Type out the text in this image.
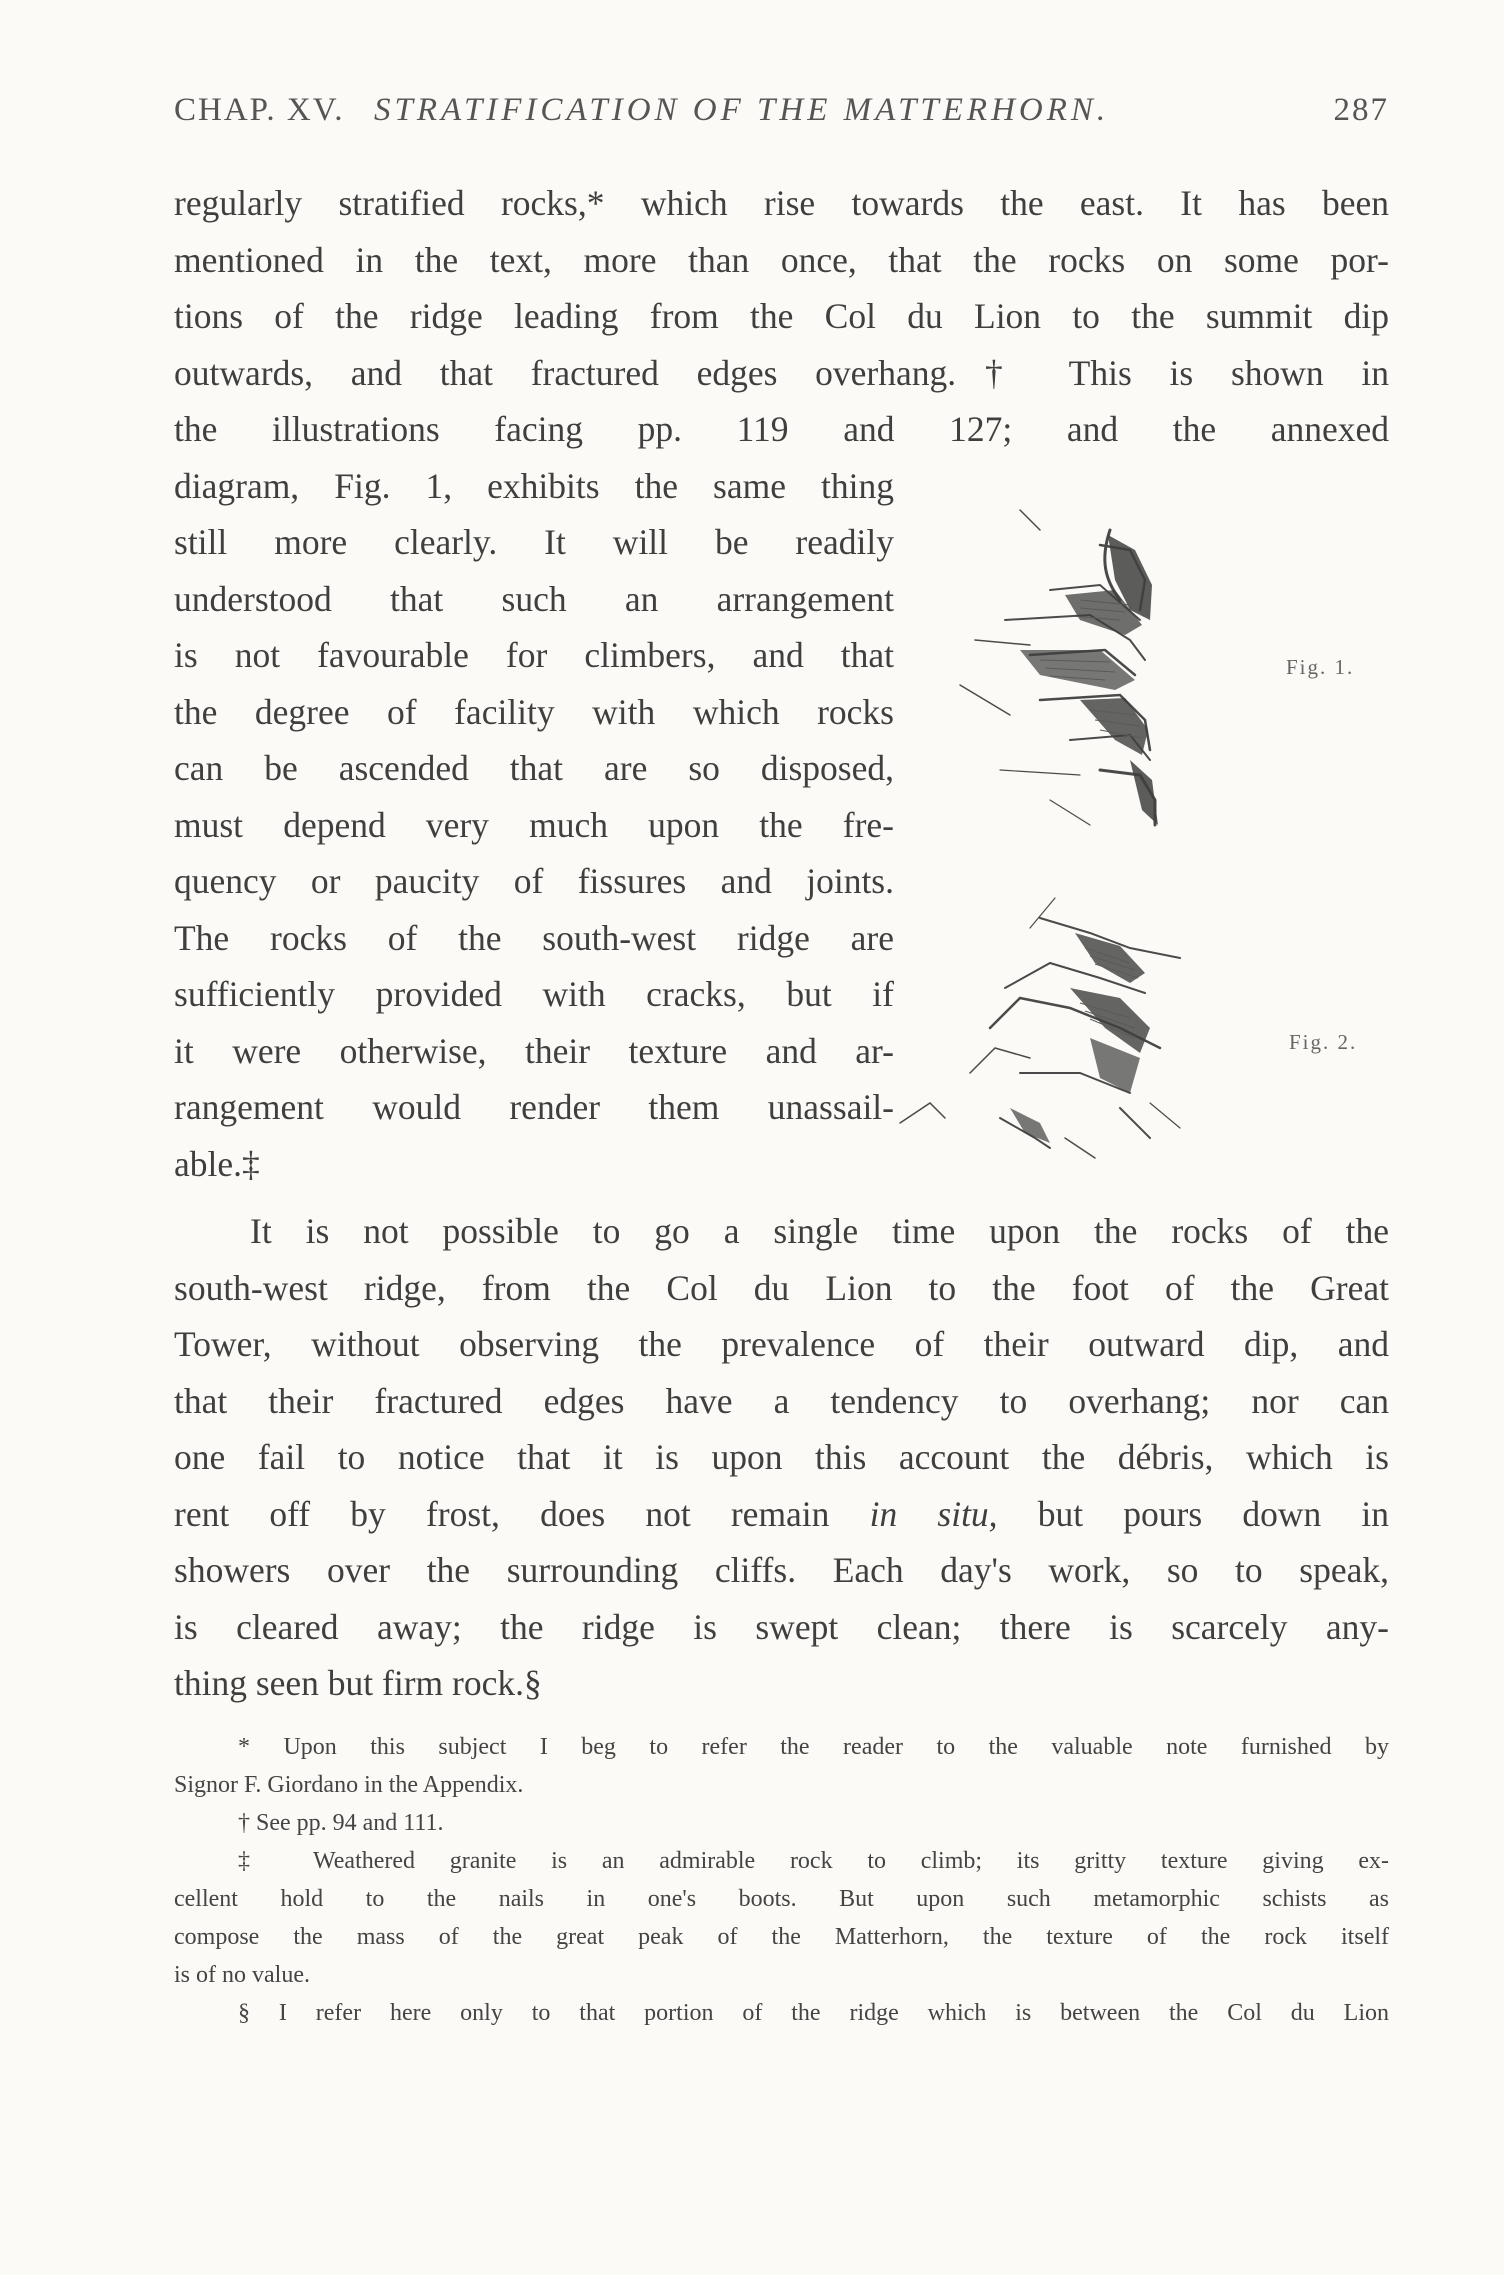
CHAP. XV. STRATIFICATION OF THE MATTERHORN.	287
regularly stratified rocks,* which rise towards the east. It has been
mentioned in the text, more than once, that the rocks on some por-
tions of the ridge leading from the Col du Lion to the summit dip
outwards, and that fractured edges overhang.† This is shown in
the illustrations facing pp. 119 and 127; and the annexed
diagram, Fig. 1, exhibits the same thing
still more clearly. It will be readily
understood that such an arrangement
is not favourable for climbers, and that
the degree of facility with which rocks
can be ascended that are so disposed,
must depend very much upon the fre-
quency or paucity of fissures and joints.
The rocks of the south-west ridge are
sufficiently provided with cracks, but if
it were otherwise, their texture and ar-
rangement would render them unassail-
able.‡
Fig. 1.
Fig. 2.
It is not possible to go a single time upon the rocks of the
south-west ridge, from the Col du Lion to the foot of the Great
Tower, without observing the prevalence of their outward dip, and
that their fractured edges have a tendency to overhang; nor can
one fail to notice that it is upon this account the débris, which is
rent off by frost, does not remain in situ, but pours down in
showers over the surrounding cliffs. Each day's work, so to speak,
is cleared away; the ridge is swept clean; there is scarcely any-
thing seen but firm rock.§
* Upon this subject I beg to refer the reader to the valuable note furnished by
Signor F. Giordano in the Appendix.
† See pp. 94 and 111.
‡ Weathered granite is an admirable rock to climb; its gritty texture giving ex-
cellent hold to the nails in one's boots. But upon such metamorphic schists as
compose the mass of the great peak of the Matterhorn, the texture of the rock itself
is of no value.
§ I refer here only to that portion of the ridge which is between the Col du Lion
